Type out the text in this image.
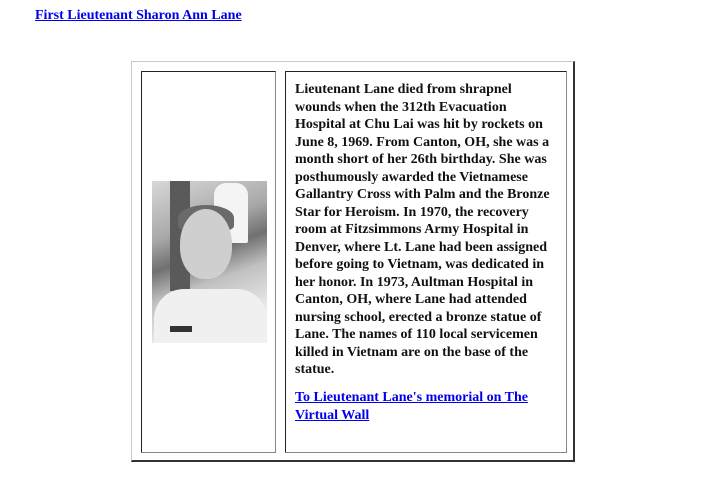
First Lieutenant Sharon Ann Lane

Lieutenant Lane died from shrapnel wounds when the 312th Evacuation Hospital at Chu Lai was hit by rockets on June 8, 1969. From Canton, OH, she was a month short of her 26th birthday. She was posthumously awarded the Vietnamese Gallantry Cross with Palm and the Bronze Star for Heroism. In 1970, the recovery room at Fitzsimmons Army Hospital in Denver, where Lt. Lane had been assigned before going to Vietnam, was dedicated in her honor. In 1973, Aultman Hospital in Canton, OH, where Lane had attended nursing school, erected a bronze statue of Lane. The names of 110 local servicemen killed in Vietnam are on the base of the statue.

To Lieutenant Lane's memorial on The Virtual Wall
